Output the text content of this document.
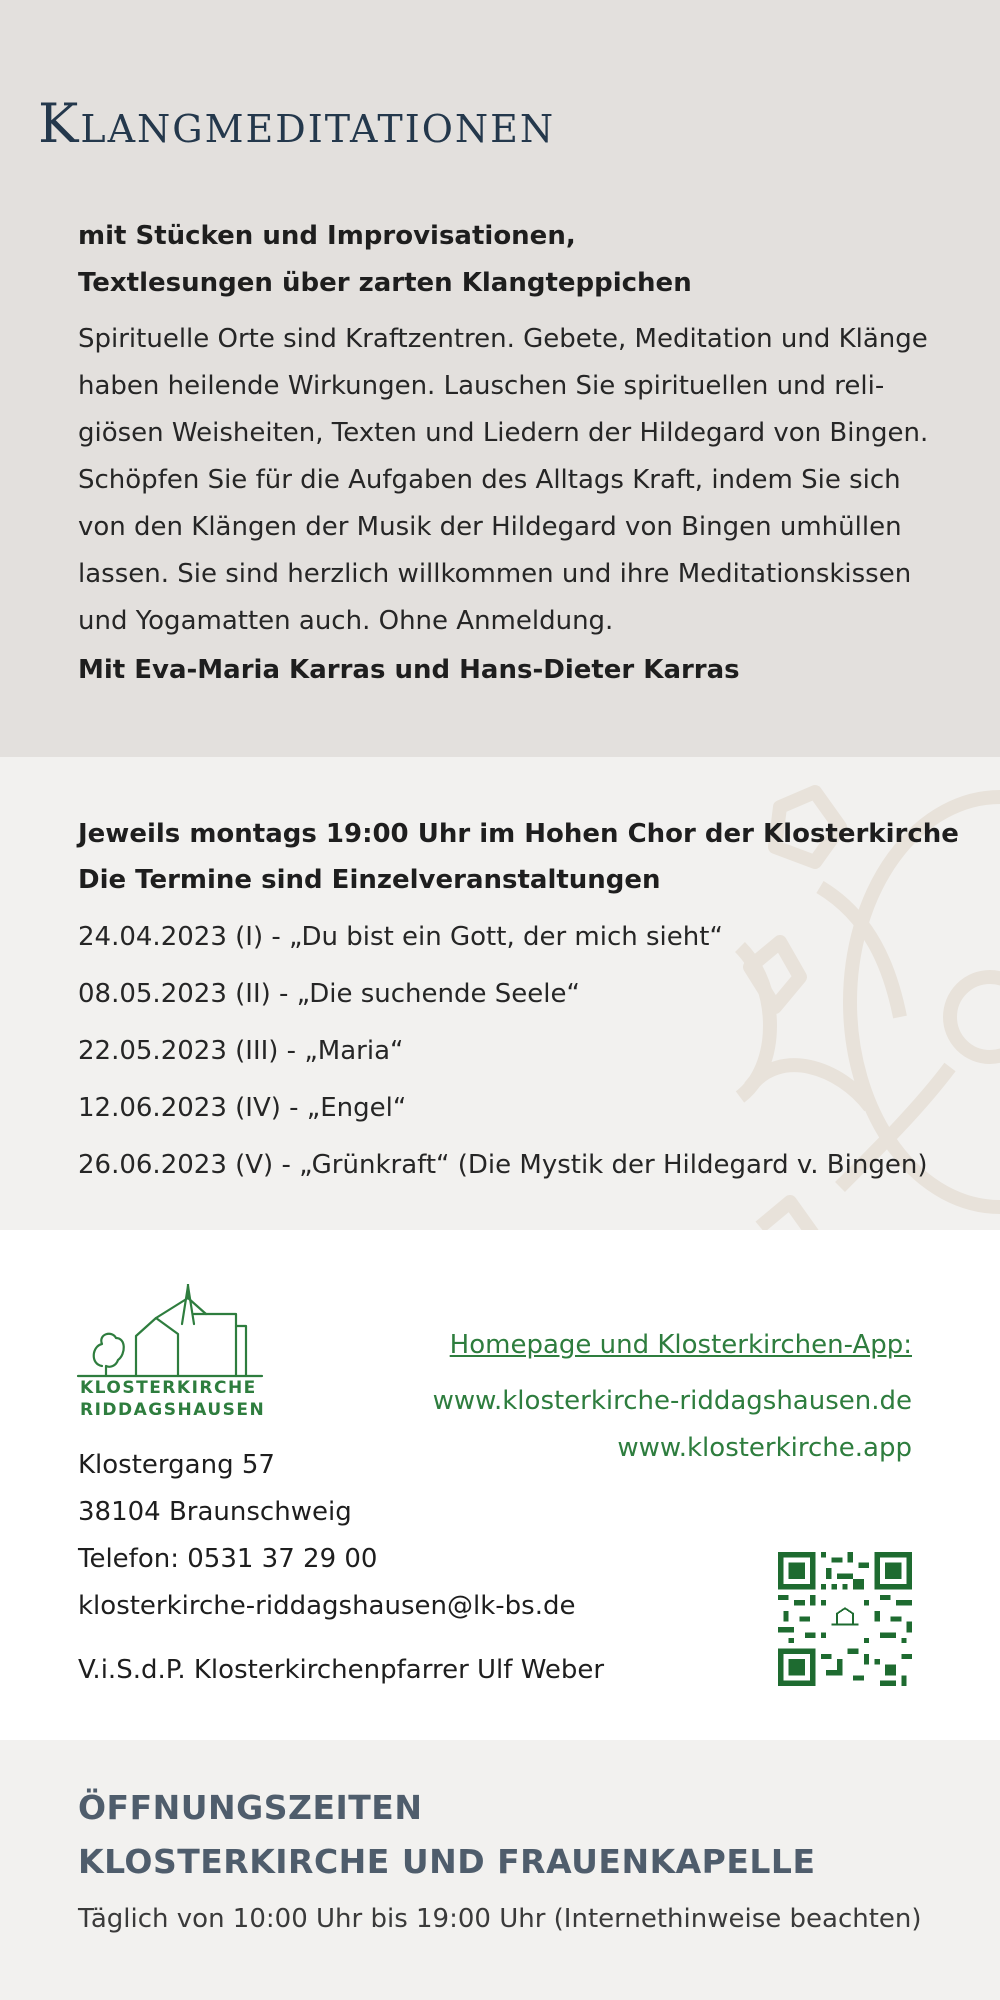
Klangmeditationen
mit Stücken und Improvisationen,
Textlesungen über zarten Klangteppichen

Spirituelle Orte sind Kraftzentren. Gebete, Meditation und Klänge
haben heilende Wirkungen. Lauschen Sie spirituellen und reli-
giösen Weisheiten, Texten und Liedern der Hildegard von Bingen.
Schöpfen Sie für die Aufgaben des Alltags Kraft, indem Sie sich
von den Klängen der Musik der Hildegard von Bingen umhüllen
lassen. Sie sind herzlich willkommen und ihre Meditationskissen
und Yogamatten auch. Ohne Anmeldung.

Mit Eva-Maria Karras und Hans-Dieter Karras
Jeweils montags 19:00 Uhr im Hohen Chor der Klosterkirche
Die Termine sind Einzelveranstaltungen
24.04.2023 (I) - „Du bist ein Gott, der mich sieht“
08.05.2023 (II) - „Die suchende Seele“
22.05.2023 (III) - „Maria“
12.06.2023 (IV) - „Engel“
26.06.2023 (V) - „Grünkraft“ (Die Mystik der Hildegard v. Bingen)
KLOSTERKIRCHE
RIDDAGSHAUSEN
Klostergang 57
38104 Braunschweig
Telefon: 0531 37 29 00
klosterkirche-riddagshausen@lk-bs.de
V.i.S.d.P. Klosterkirchenpfarrer Ulf Weber
Homepage und Klosterkirchen-App:
www.klosterkirche-riddagshausen.de
www.klosterkirche.app
ÖFFNUNGSZEITEN
KLOSTERKIRCHE UND FRAUENKAPELLE
Täglich von 10:00 Uhr bis 19:00 Uhr (Internethinweise beachten)
